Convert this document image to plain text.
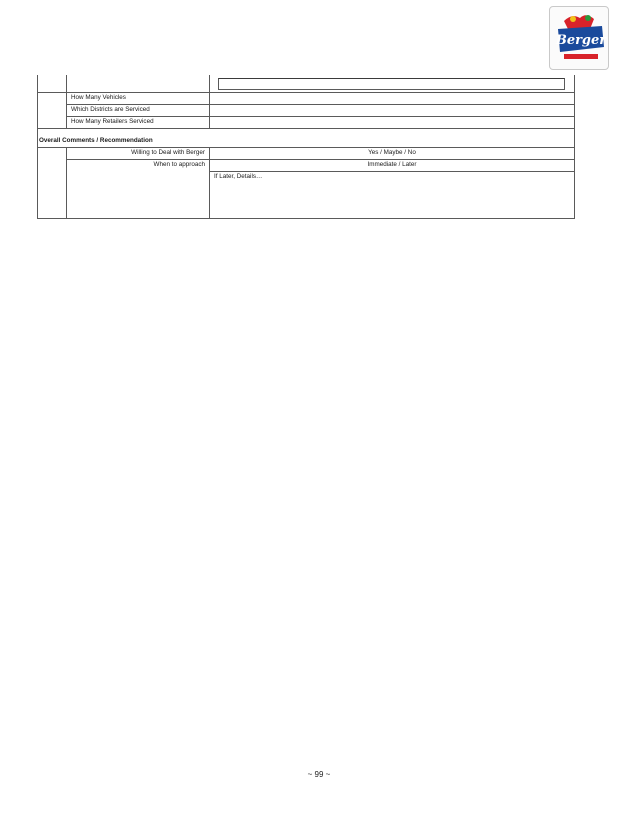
Berger

	How Many Vehicles	
	Which Districts are Serviced	
	How Many Retailers Serviced	

Overall Comments / Recommendation		
	Willing to Deal with Berger	Yes / Maybe / No
	When to approach	Immediate / Later
		If Later, Details…
~ 99 ~
